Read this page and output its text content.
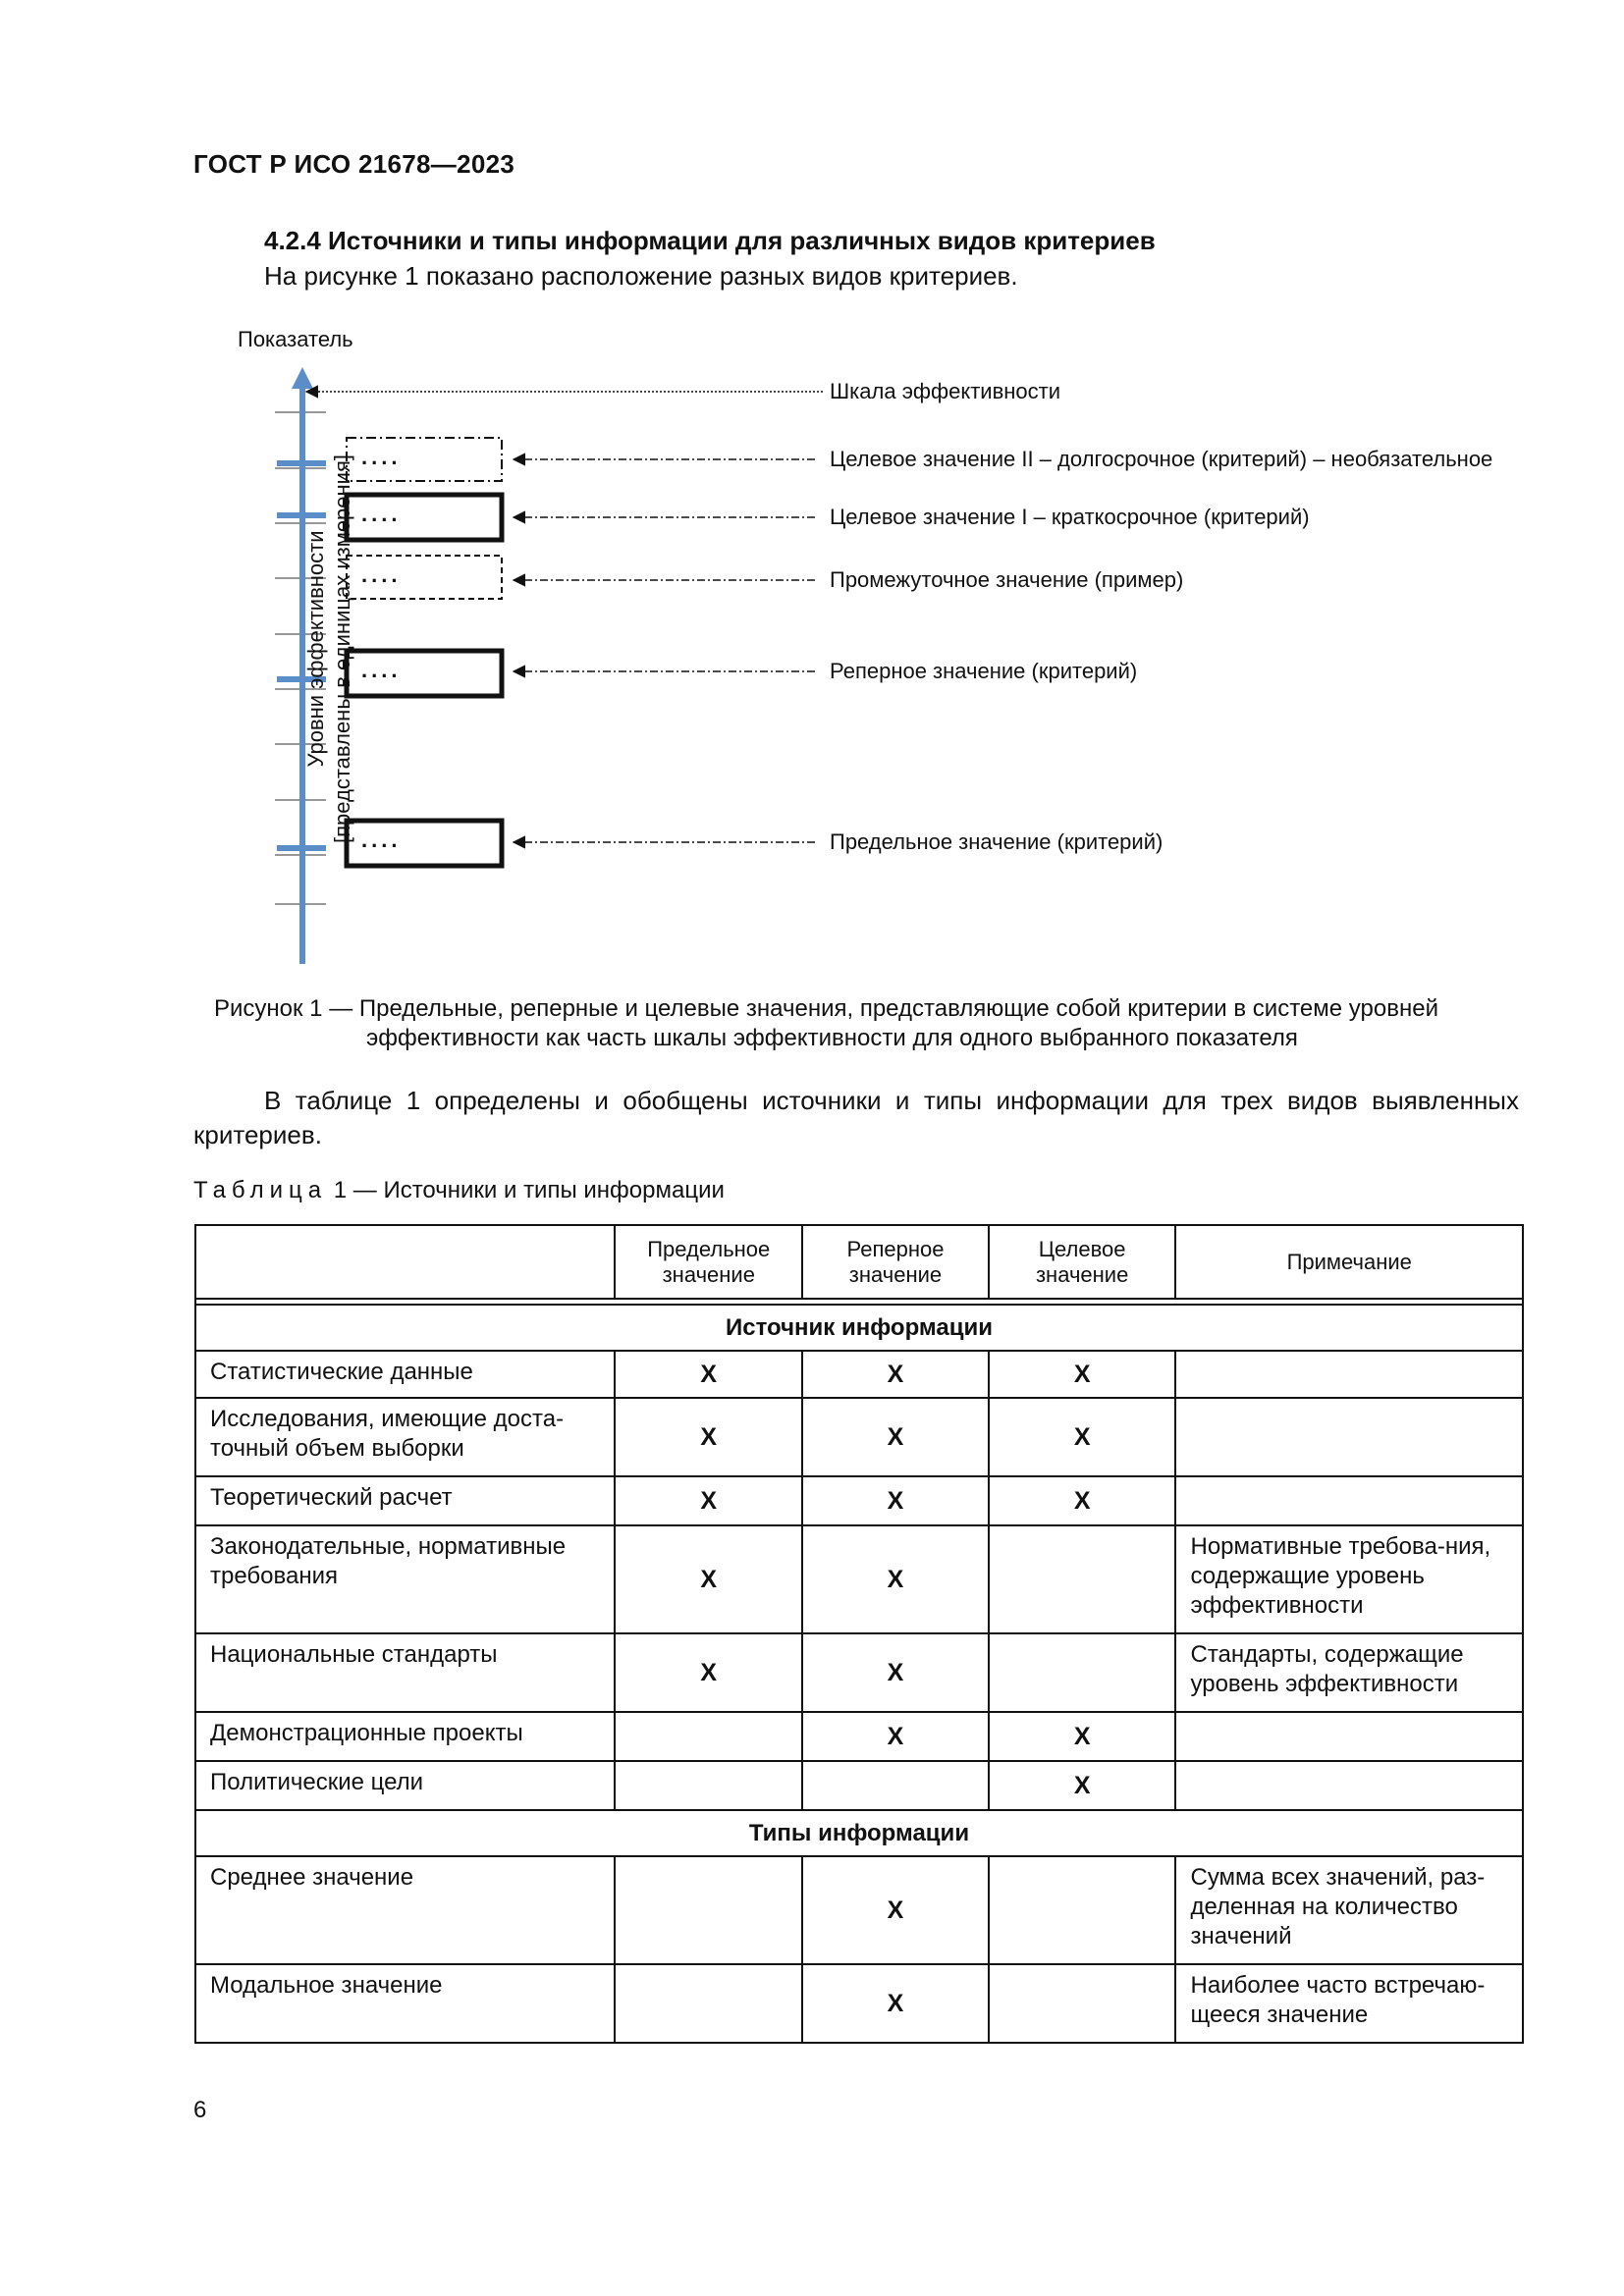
ГОСТ Р ИСО 21678—2023
4.2.4 Источники и типы информации для различных видов критериев
На рисунке 1 показано расположение разных видов критериев.
Показатель
Уровни эффективности [представлены в единицах измерения] ....
....
....
....
....
Шкала эффективности
Целевое значение II – долгосрочное (критерий) – необязательное
Целевое значение I – краткосрочное (критерий)
Промежуточное значение (пример)
Реперное значение (критерий)
Предельное значение (критерий)
Рисунок 1 — Предельные, реперные и целевые значения, представляющие собой критерии в системе уровней
эффективности как часть шкалы эффективности для одного выбранного показателя
В таблице 1 определены и обобщены источники и типы информации для трех видов выявленных критериев.
Таблица 1 — Источники и типы информации
	Предельное значение	Реперное значение	Целевое значение	Примечание

Источник информации				
Статистические данные	X	X	X	
Исследования, имеющие доста-точный объем выборки	X	X	X	
Теоретический расчет	X	X	X	
Законодательные, нормативные требования	X	X		Нормативные требова-ния, содержащие уровень эффективности
Национальные стандарты	X	X		Стандарты, содержащие уровень эффективности
Демонстрационные проекты		X	X	
Политические цели			X	
Типы информации				
Среднее значение		X		Сумма всех значений, раз-деленная на количество значений
Модальное значение		X		Наиболее часто встречаю-щееся значение
6
